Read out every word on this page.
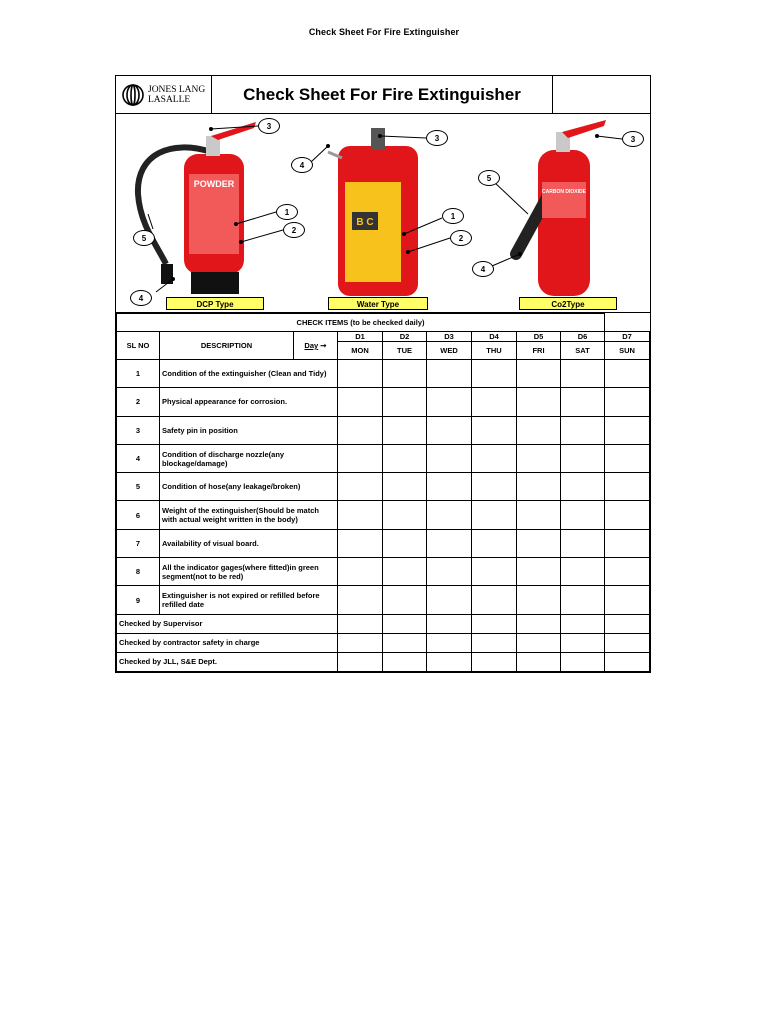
Check Sheet For Fire Extinguisher
JONES LANG
LASALLE	Check Sheet For Fire Extinguisher
POWDER
B C
CARBON DIOXIDE
1
2
3
4
5
1
2
3
4
3
4
5
DCP Type	Water Type	Co2Type
CHECK ITEMS (to be checked daily)									
SL NO	DESCRIPTION	Day ➞	D1	D2	D3	D4	D5	D6	D7
			MON	TUE	WED	THU	FRI	SAT	SUN
1	Condition of the extinguisher (Clean and Tidy)								
2	Physical appearance for corrosion.								
3	Safety pin in position								
4	Condition of discharge nozzle(any blockage/damage)								
5	Condition of hose(any leakage/broken)								
6	Weight of the extinguisher(Should be match with actual weight written in the body)								
7	Availability of visual board.								
8	All the indicator gages(where fitted)in green segment(not to be red)								
9	Extinguisher is not expired or refilled before refilled date								
Checked by Supervisor									
Checked by contractor safety in charge									
Checked by JLL, S&E Dept.									
